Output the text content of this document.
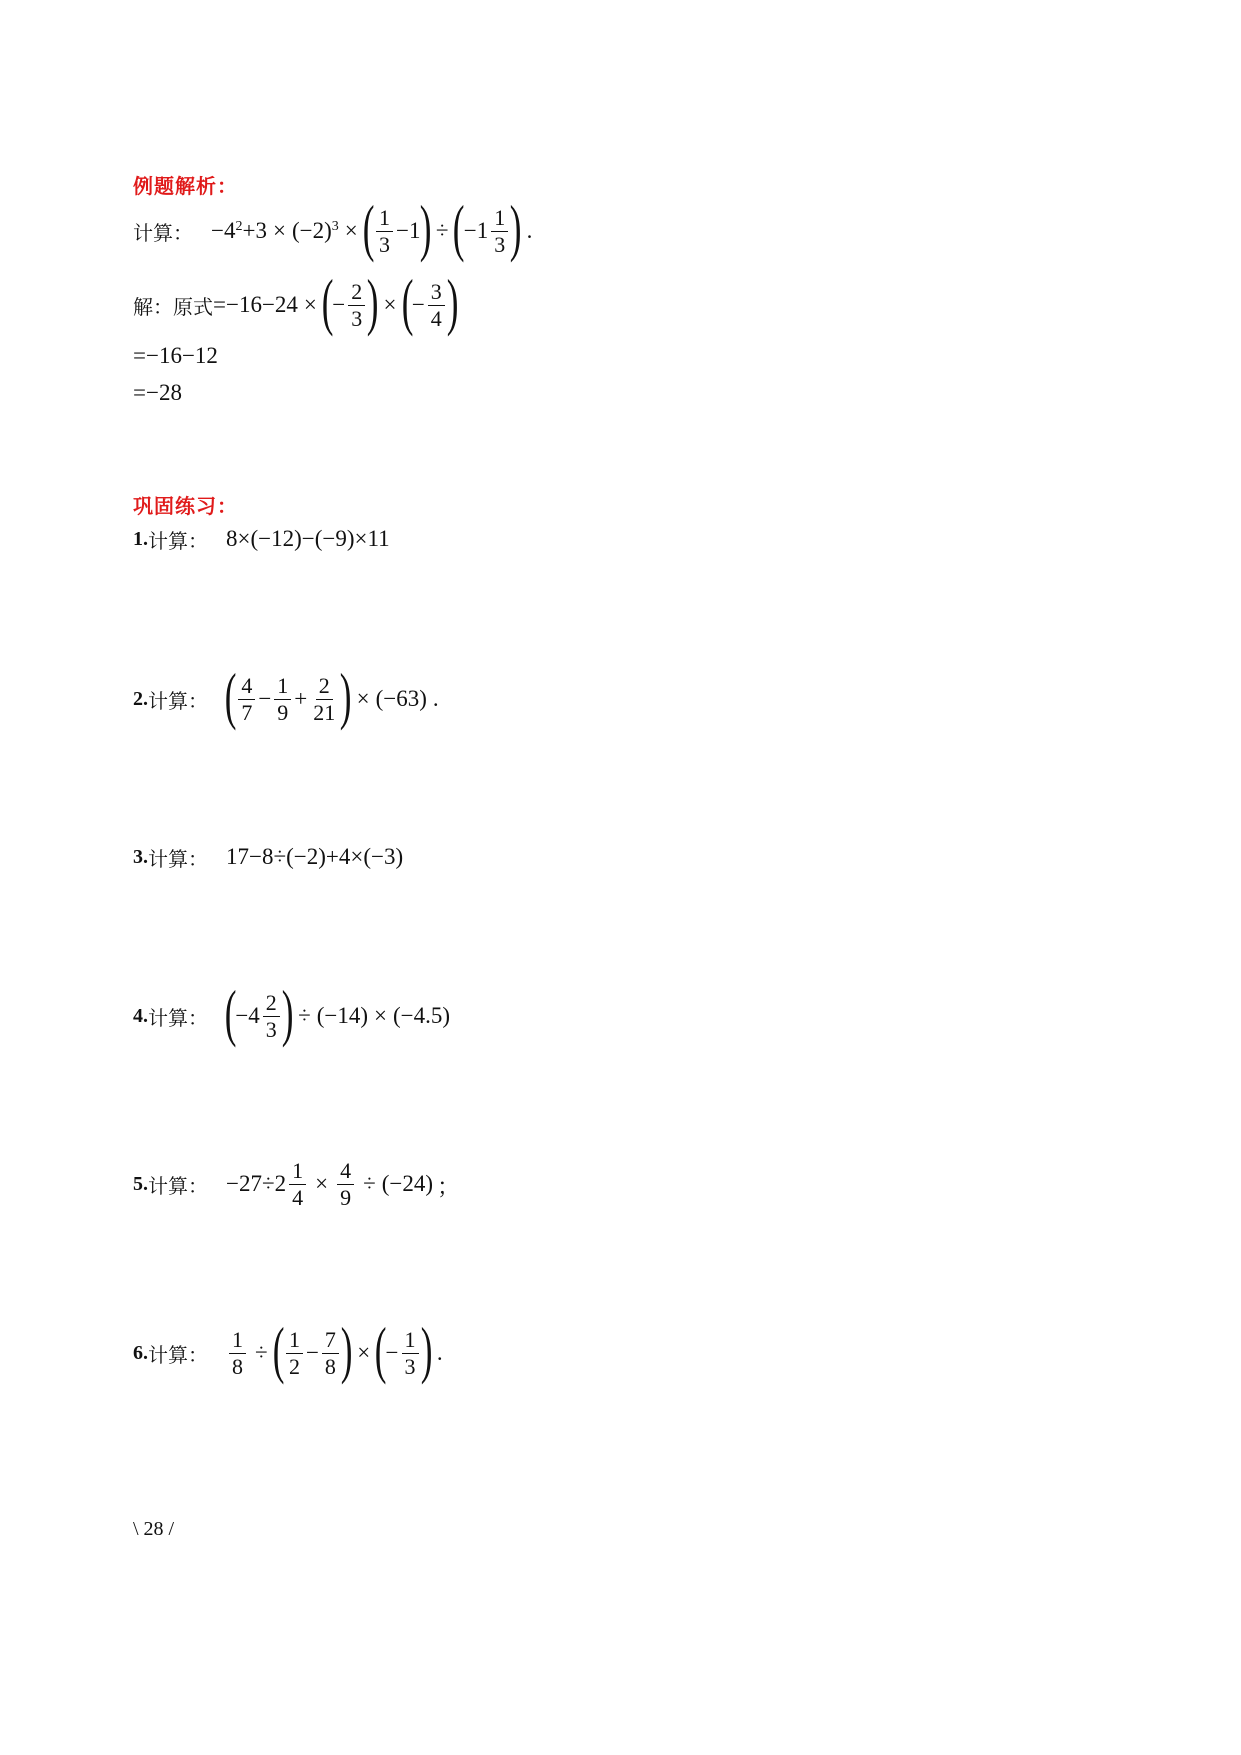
例题解析：
计算： $-4^2 +3 \times (-2)^3$ × ( $\frac{1}{3} -1$
) ÷ (
$-1 \frac{1}{3}$ ) .
解：原式 =−16−24 × (
− $\frac{2}{3}$ ) × (
− $\frac{3}{4}$ )
=−16−12
=−28
巩固练习：
1. 计算： 8×(−12)−(−9)×11
2. 计算： ( $\frac{4}{7} - \frac{1}{9} + \frac{2}{21}$ ) × (−63) .
3. 计算： 17−8÷(−2)+4×(−3)
4. 计算： (
$-4 \frac{2}{3}$ ) ÷ (−14) × (−4.5)
5. 计算： $-27\div 2 \frac{1}{4} \times \frac{4}{9} \div (-24)$ ；
6. 计算： $\frac{1}{8}$ ÷ ( $\frac{1}{2} - \frac{7}{8}$ ) × (
− $\frac{1}{3}$ ) .
\ 28 /
